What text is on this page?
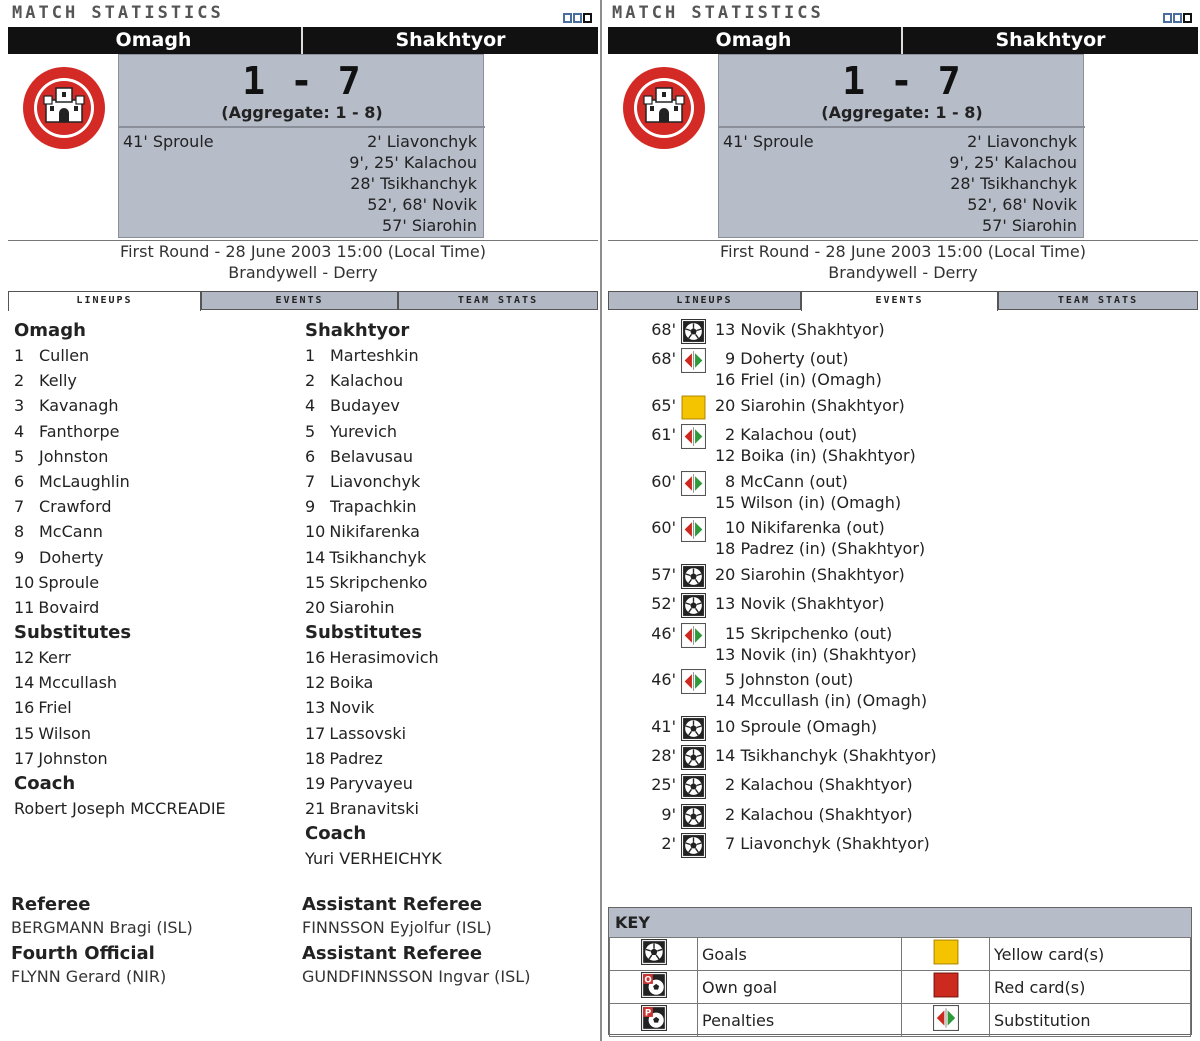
MATCH STATISTICS
Omagh	Shakhtyor
1 - 7
(Aggregate: 1 - 8)
41' Sproule	2' Liavonchyk
9', 25' Kalachou
28' Tsikhanchyk
52', 68' Novik
57' Siarohin
First Round - 28 June 2003 15:00 (Local Time)
Brandywell - Derry
LINEUPS	EVENTS	TEAM STATS
Omagh
1 Cullen
2 Kelly
3 Kavanagh
4 Fanthorpe
5 Johnston
6 McLaughlin
7 Crawford
8 McCann
9 Doherty
10 Sproule
11 Bovaird
Substitutes
12 Kerr
14 Mccullash
16 Friel
15 Wilson
17 Johnston
Coach
Robert Joseph MCCREADIE
Shakhtyor
1 Marteshkin
2 Kalachou
4 Budayev
5 Yurevich
6 Belavusau
7 Liavonchyk
9 Trapachkin
10 Nikifarenka
14 Tsikhanchyk
15 Skripchenko
20 Siarohin
Substitutes
16 Herasimovich
12 Boika
13 Novik
17 Lassovski
18 Padrez
19 Paryvayeu
21 Branavitski
Coach
Yuri VERHEICHYK
Referee
BERGMANN Bragi (ISL)
Assistant Referee
FINNSSON Eyjolfur (ISL)
Fourth Official
FLYNN Gerard (NIR)
Assistant Referee
GUNDFINNSSON Ingvar (ISL)
MATCH STATISTICS
Omagh	Shakhtyor
1 - 7
(Aggregate: 1 - 8)
41' Sproule	2' Liavonchyk
9', 25' Kalachou
28' Tsikhanchyk
52', 68' Novik
57' Siarohin
First Round - 28 June 2003 15:00 (Local Time)
Brandywell - Derry
LINEUPS	EVENTS	TEAM STATS
68' 13 Novik (Shakhtyor)
68'	9 Doherty (out)
16 Friel (in) (Omagh)
65' 20 Siarohin (Shakhtyor)
61'	2 Kalachou (out)
12 Boika (in) (Shakhtyor)
60'	8 McCann (out)
15 Wilson (in) (Omagh)
60'	10 Nikifarenka (out)
18 Padrez (in) (Shakhtyor)
57' 20 Siarohin (Shakhtyor)
52' 13 Novik (Shakhtyor)
46'	15 Skripchenko (out)
13 Novik (in) (Shakhtyor)
46'	5 Johnston (out)
14 Mccullash (in) (Omagh)
41' 10 Sproule (Omagh)
28' 14 Tsikhanchyk (Shakhtyor)
25'	2 Kalachou (Shakhtyor)
9'	2 Kalachou (Shakhtyor)
2'	7 Liavonchyk (Shakhtyor)
KEY
	Goals		Yellow card(s)

O	Own goal		Red card(s)

P	Penalties		Substitution
